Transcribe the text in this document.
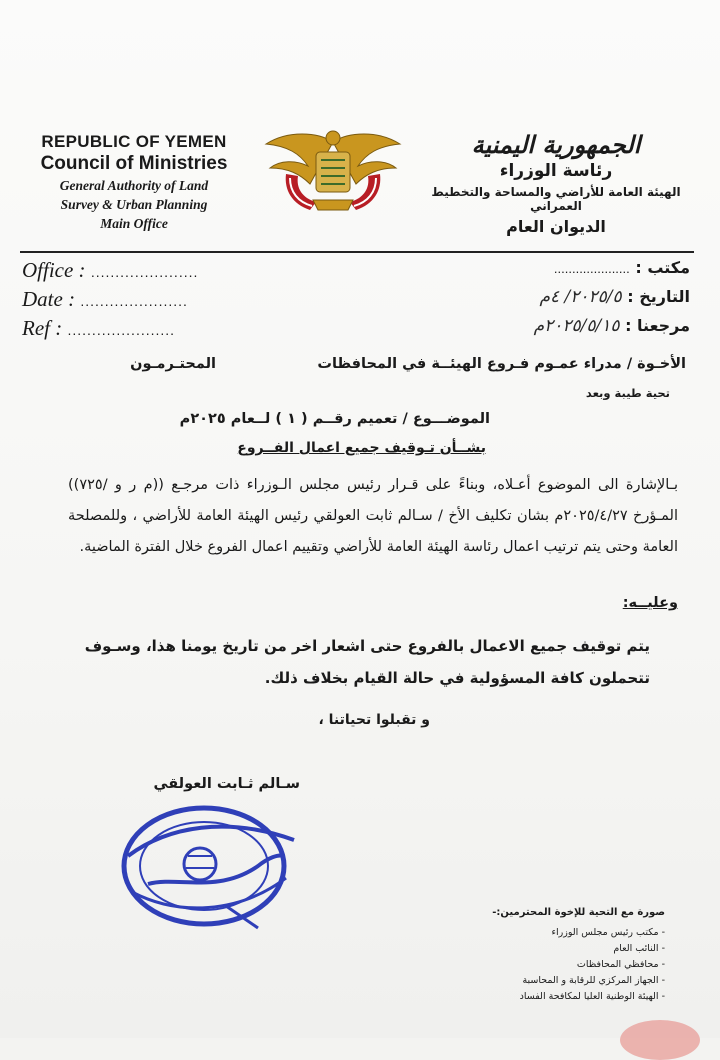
REPUBLIC OF YEMEN
Council of Ministries
General Authority of Land
Survey & Urban Planning
Main Office
الجمهورية اليمنية
رئاسة الوزراء
الهيئة العامة للأراضي والمساحة والتخطيط العمراني
الديوان العام
Office : ......................
Date : ......................
Ref : ......................
مكتب : .....................
التاريخ : ٢٠٢٥/٥/ ٤م
مرجعنا : ٢٠٢٥/٥/١٥م
الأخـوة / مدراء عمـوم فـروع الهيئــة في المحافظات
المحتـرمـون
تحية طيبة وبعد
الموضـــوع / تعميم رقــم ( ١ ) لــعام ٢٠٢٥م
بشــأن تـوقيف جميع اعمال الفــروع
بـالإشارة الى الموضوع أعـلاه، وبناءً على قـرار رئيس مجلس الـوزراء ذات مرجـع ((م ر و /٧٢٥)) المـؤرخ ٢٠٢٥/٤/٢٧م بشان تكليف الأخ / سـالم ثابت العولقي رئيس الهيئة العامة للأراضي ، وللمصلحة العامة وحتى يتم ترتيب اعمال رئاسة الهيئة العامة للأراضي وتقييم اعمال الفروع خلال الفترة الماضية.
وعليــه:
يتم توقيف جميع الاعمال بالفروع حتى اشعار اخر من تاريخ يومنا هذا، وسـوف تتحملون كافة المسؤولية في حالة القيام بخلاف ذلك.
و تقبلوا تحياتنا ،
سـالم ثـابت العولقي
صورة مع التحية للإخوة المحترمين:-
- مكتب رئيس مجلس الوزراء
- النائب العام
- محافظي المحافظات
- الجهاز المركزي للرقابة و المحاسبة
- الهيئة الوطنية العليا لمكافحة الفساد
